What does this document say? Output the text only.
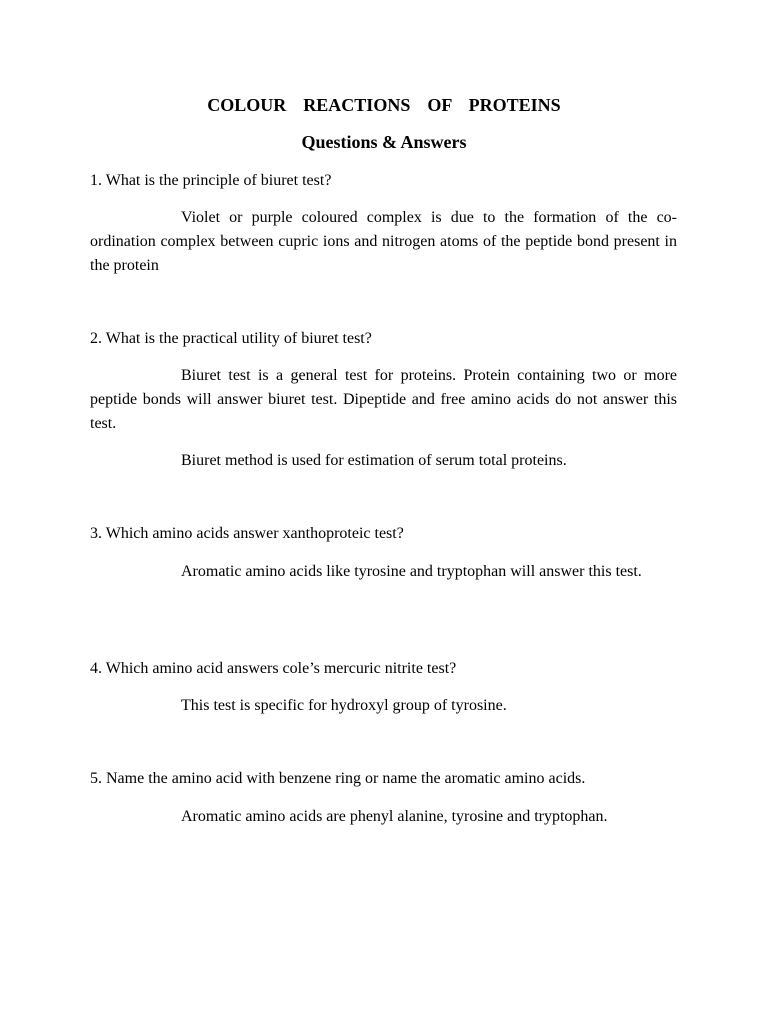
COLOUR  REACTIONS  OF  PROTEINS
Questions & Answers
1. What is the principle of biuret test?
Violet or purple coloured complex is due to the formation of the co-ordination complex between cupric ions and nitrogen atoms of the peptide bond present in the protein
2. What is the practical utility of biuret test?
Biuret test is a general test for proteins. Protein containing two or more peptide bonds will answer biuret test. Dipeptide and free amino acids do not answer this test.
Biuret method is used for estimation of serum total proteins.
3. Which amino acids answer xanthoproteic test?
Aromatic amino acids like tyrosine and tryptophan will answer this test.
4. Which amino acid answers cole’s mercuric nitrite test?
This test is specific for hydroxyl group of tyrosine.
5. Name the amino acid with benzene ring or name the aromatic amino acids.
Aromatic amino acids are phenyl alanine, tyrosine and tryptophan.
